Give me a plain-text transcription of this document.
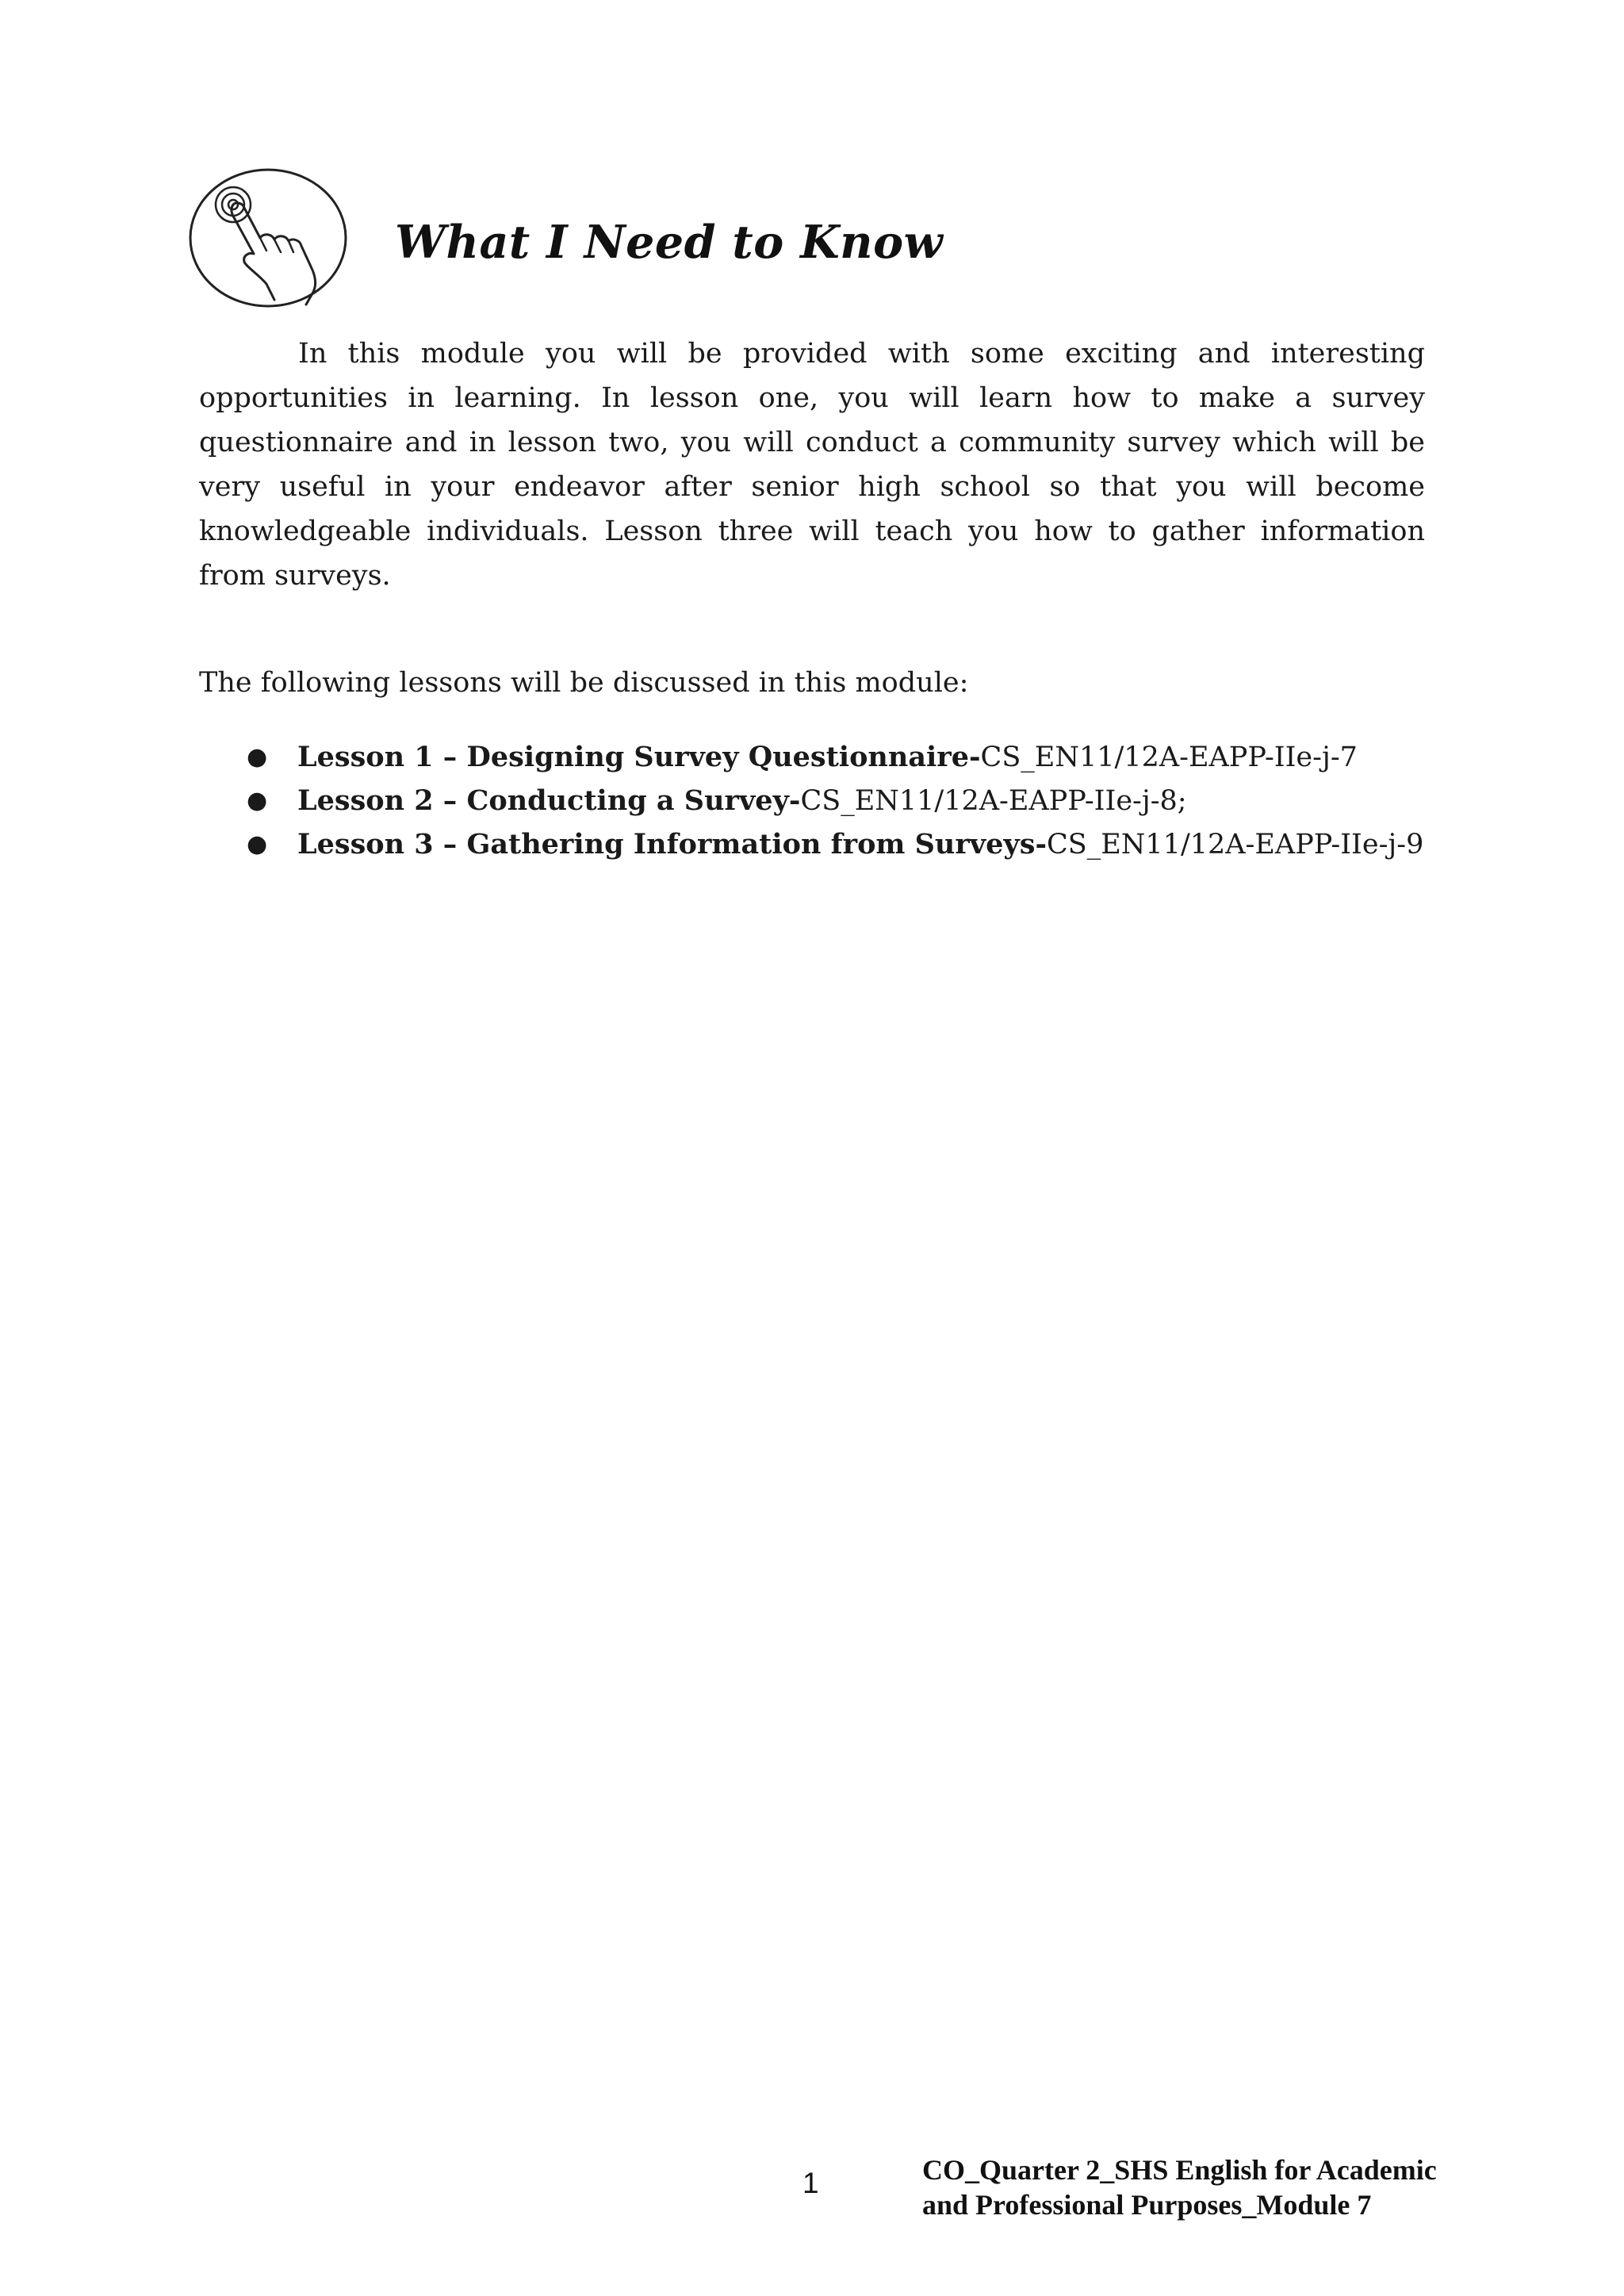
What I Need to Know

In this module you will be provided with some exciting and interesting opportunities in learning. In lesson one, you will learn how to make a survey questionnaire and in lesson two, you will conduct a community survey which will be very useful in your endeavor after senior high school so that you will become knowledgeable individuals. Lesson three will teach you how to gather information from surveys.

The following lessons will be discussed in this module:

● Lesson 1 – Designing Survey Questionnaire-CS_EN11/12A-EAPP-IIe-j-7
● Lesson 2 – Conducting a Survey-CS_EN11/12A-EAPP-IIe-j-8;
● Lesson 3 – Gathering Information from Surveys-CS_EN11/12A-EAPP-IIe-j-9
1	CO_Quarter 2_SHS English for Academic
and Professional Purposes_Module 7
